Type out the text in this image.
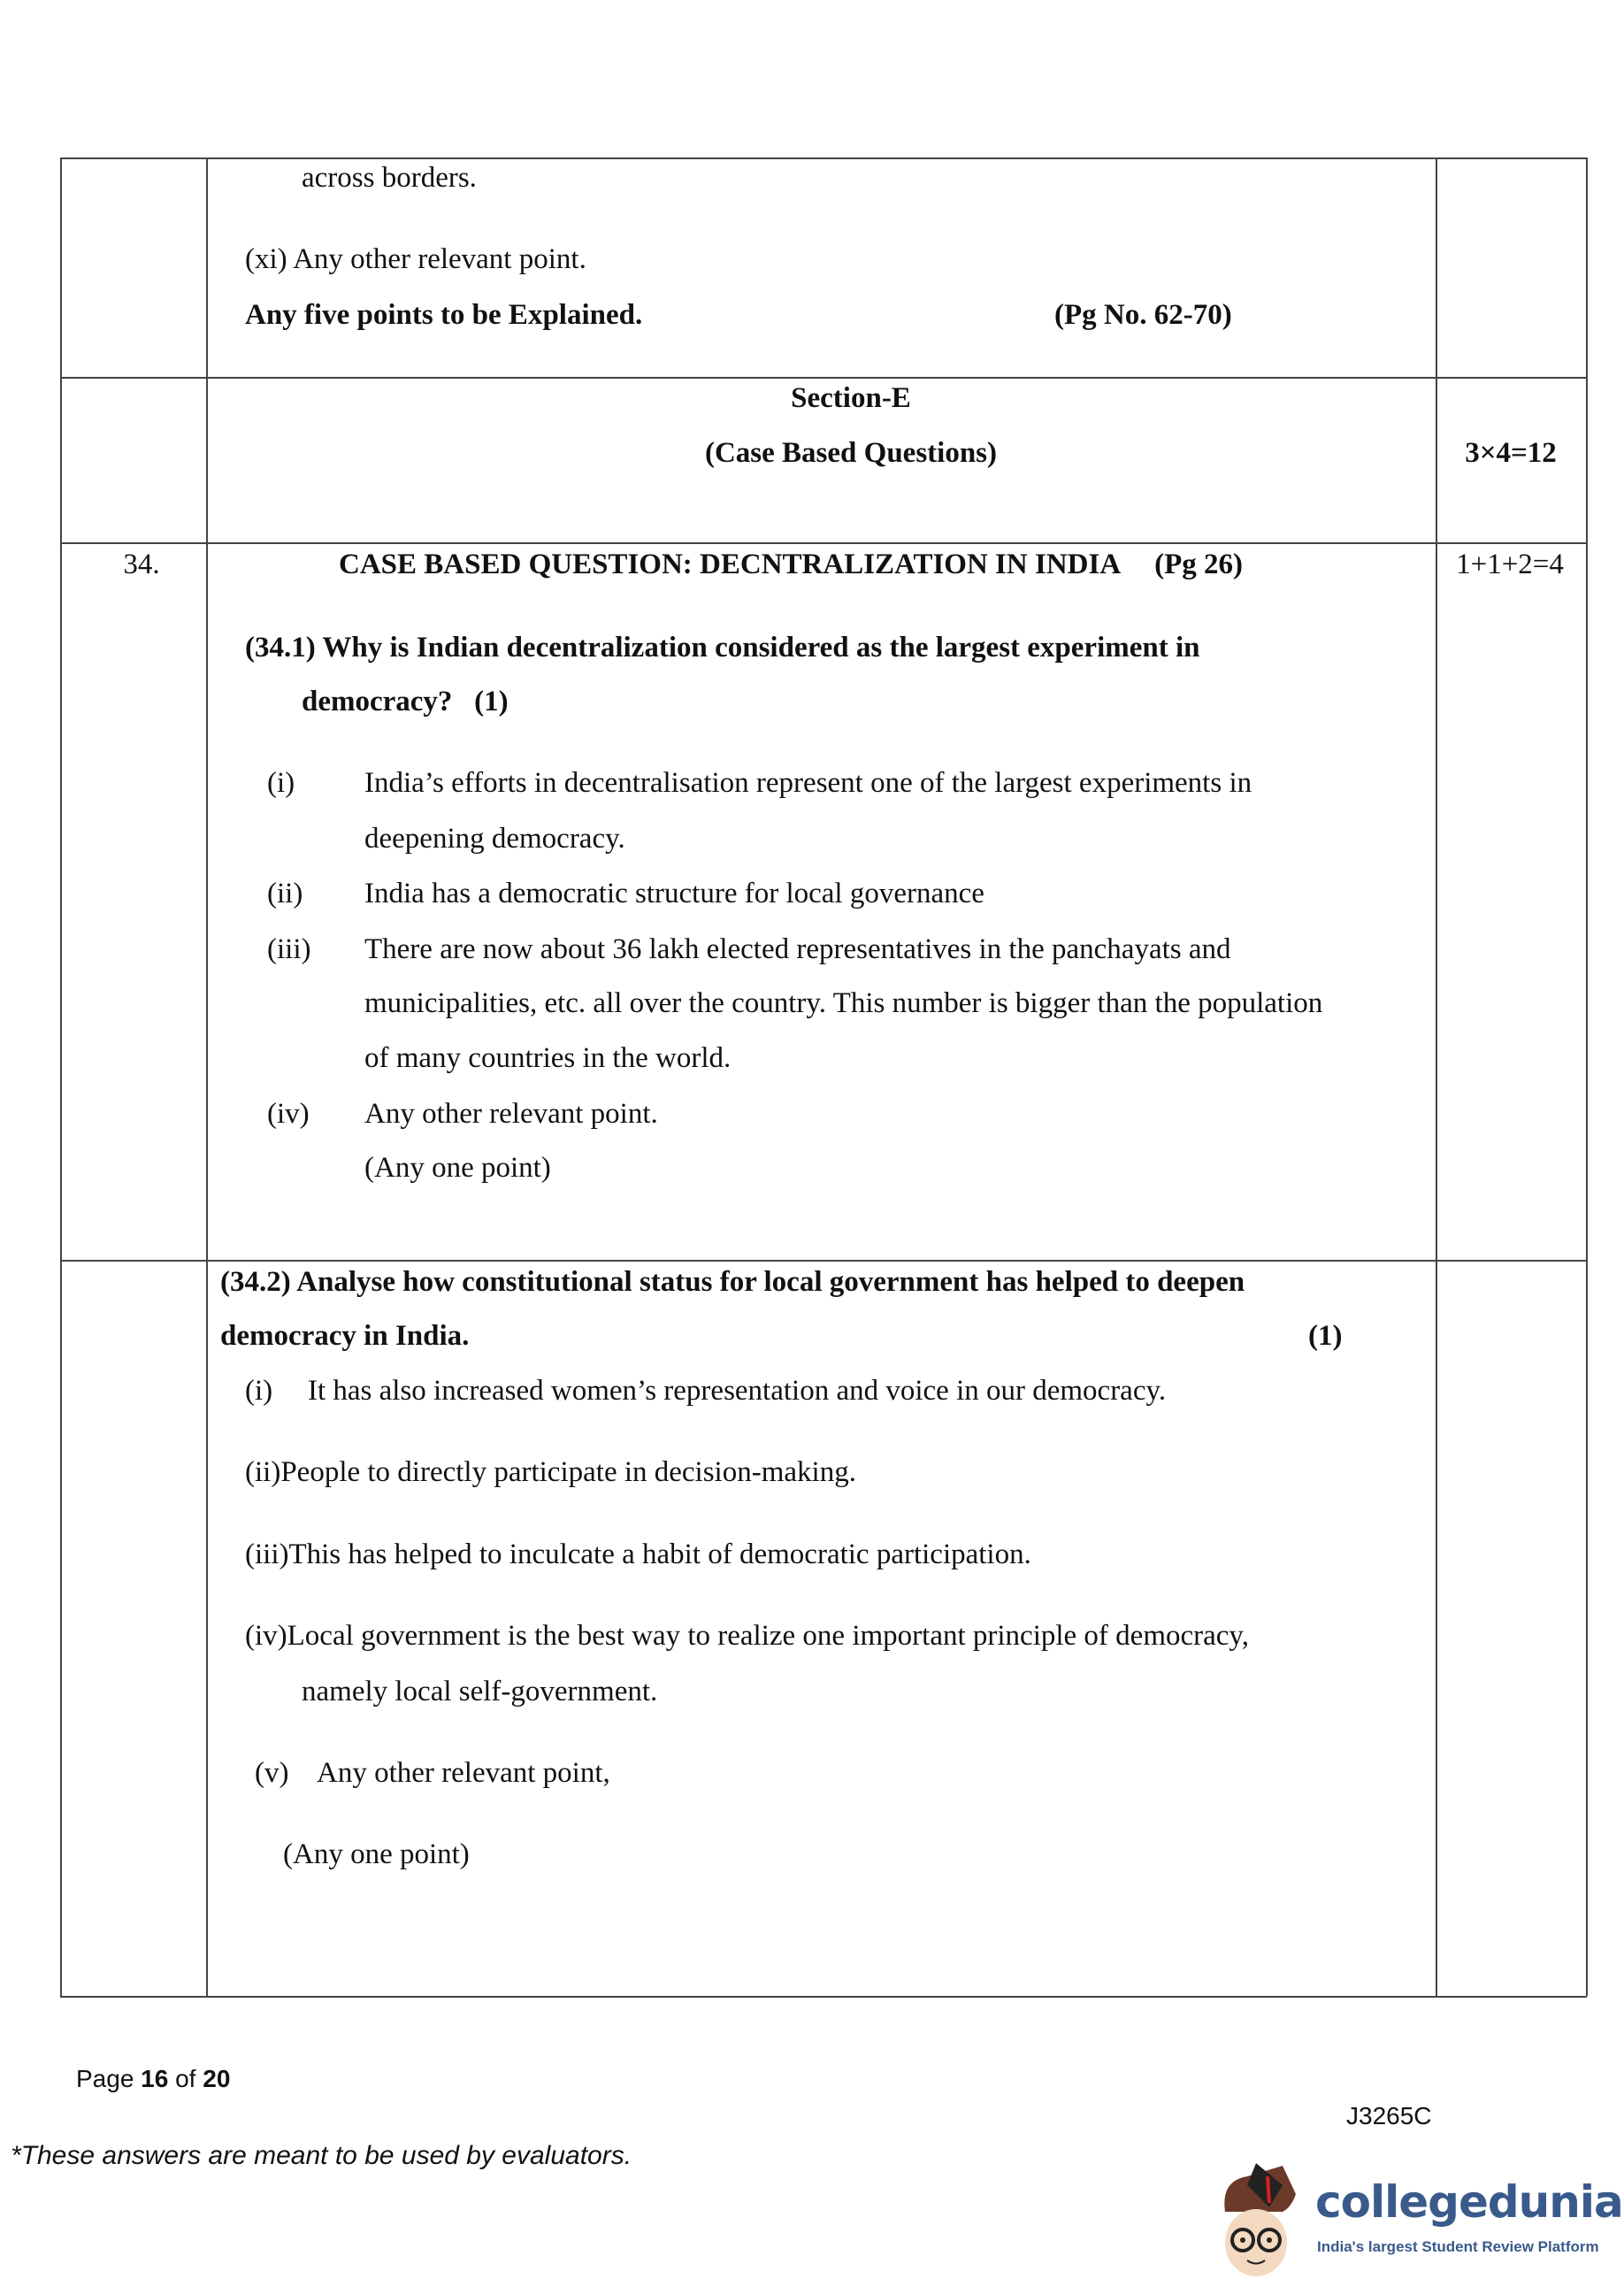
across borders.
(xi) Any other relevant point.
Any five points to be Explained.	(Pg No. 62-70)
Section-E
(Case Based Questions)	3×4=12
34.	CASE BASED QUESTION: DECNTRALIZATION IN INDIA (Pg 26)	1+1+2=4
(34.1) Why is Indian decentralization considered as the largest experiment in
democracy?   (1)
(i) India’s efforts in decentralisation represent one of the largest experiments in
deepening democracy.
(ii) India has a democratic structure for local governance
(iii) There are now about 36 lakh elected representatives in the panchayats and
municipalities, etc. all over the country. This number is bigger than the population
of many countries in the world.
(iv) Any other relevant point.
(Any one point)
(34.2) Analyse how constitutional status for local government has helped to deepen
democracy in India.	(1)
(i) It has also increased women’s representation and voice in our democracy.
(ii)People to directly participate in decision-making.
(iii)This has helped to inculcate a habit of democratic participation.
(iv)Local government is the best way to realize one important principle of democracy,
namely local self-government.
(v) Any other relevant point,
(Any one point)
Page 16 of 20
J3265C
*These answers are meant to be used by evaluators.
collegedunia
India's largest Student Review Platform
